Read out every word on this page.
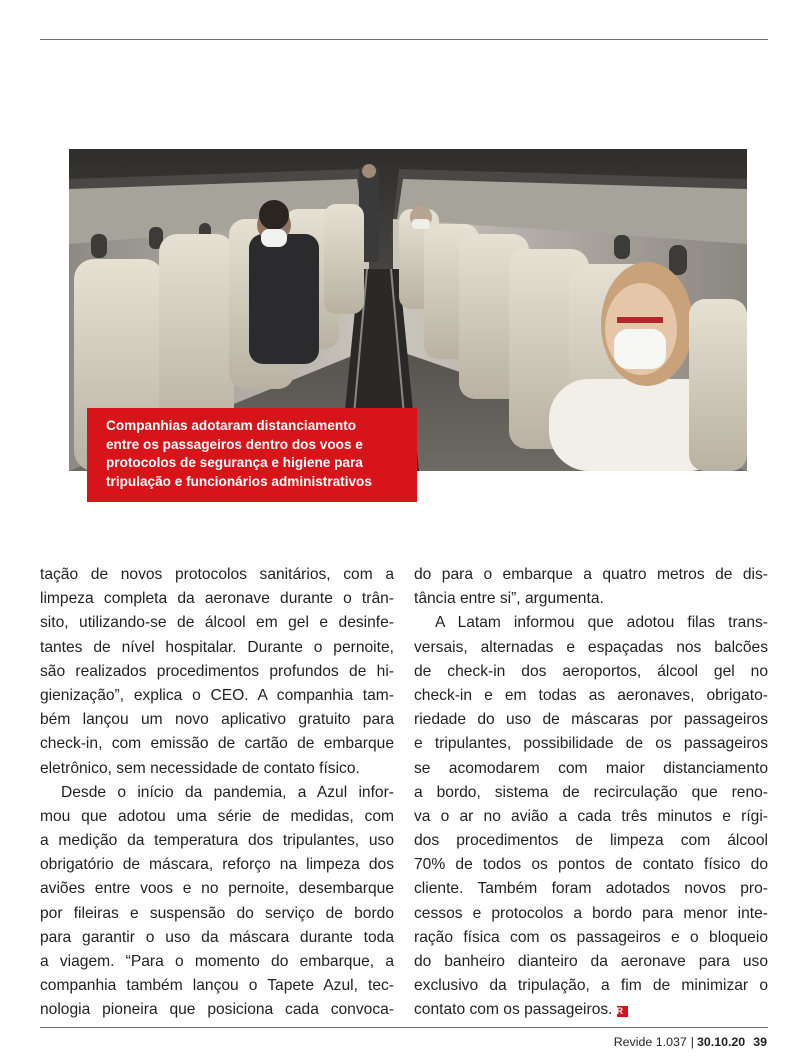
Companhias adotaram distanciamento
entre os passageiros dentro dos voos e
protocolos de segurança e higiene para
tripulação e funcionários administrativos
tação de novos protocolos sanitários, com a
limpeza completa da aeronave durante o trân-
sito, utilizando-se de álcool em gel e desinfe-
tantes de nível hospitalar. Durante o pernoite,
são realizados procedimentos profundos de hi-
gienização”, explica o CEO. A companhia tam-
bém lançou um novo aplicativo gratuito para
check-in, com emissão de cartão de embarque
eletrônico, sem necessidade de contato físico.
Desde o início da pandemia, a Azul infor-
mou que adotou uma série de medidas, com
a medição da temperatura dos tripulantes, uso
obrigatório de máscara, reforço na limpeza dos
aviões entre voos e no pernoite, desembarque
por fileiras e suspensão do serviço de bordo
para garantir o uso da máscara durante toda
a viagem. “Para o momento do embarque, a
companhia também lançou o Tapete Azul, tec-
nologia pioneira que posiciona cada convoca-
do para o embarque a quatro metros de dis-
tância entre si”, argumenta.
A Latam informou que adotou filas trans-
versais, alternadas e espaçadas nos balcões
de check-in dos aeroportos, álcool gel no
check-in e em todas as aeronaves, obrigato-
riedade do uso de máscaras por passageiros
e tripulantes, possibilidade de os passageiros
se acomodarem com maior distanciamento
a bordo, sistema de recirculação que reno-
va o ar no avião a cada três minutos e rígi-
dos procedimentos de limpeza com álcool
70% de todos os pontos de contato físico do
cliente. Também foram adotados novos pro-
cessos e protocolos a bordo para menor inte-
ração física com os passageiros e o bloqueio
do banheiro dianteiro da aeronave para uso
exclusivo da tripulação, a fim de minimizar o
contato com os passageiros. R
Revide 1.037 | 30.10.20 39
